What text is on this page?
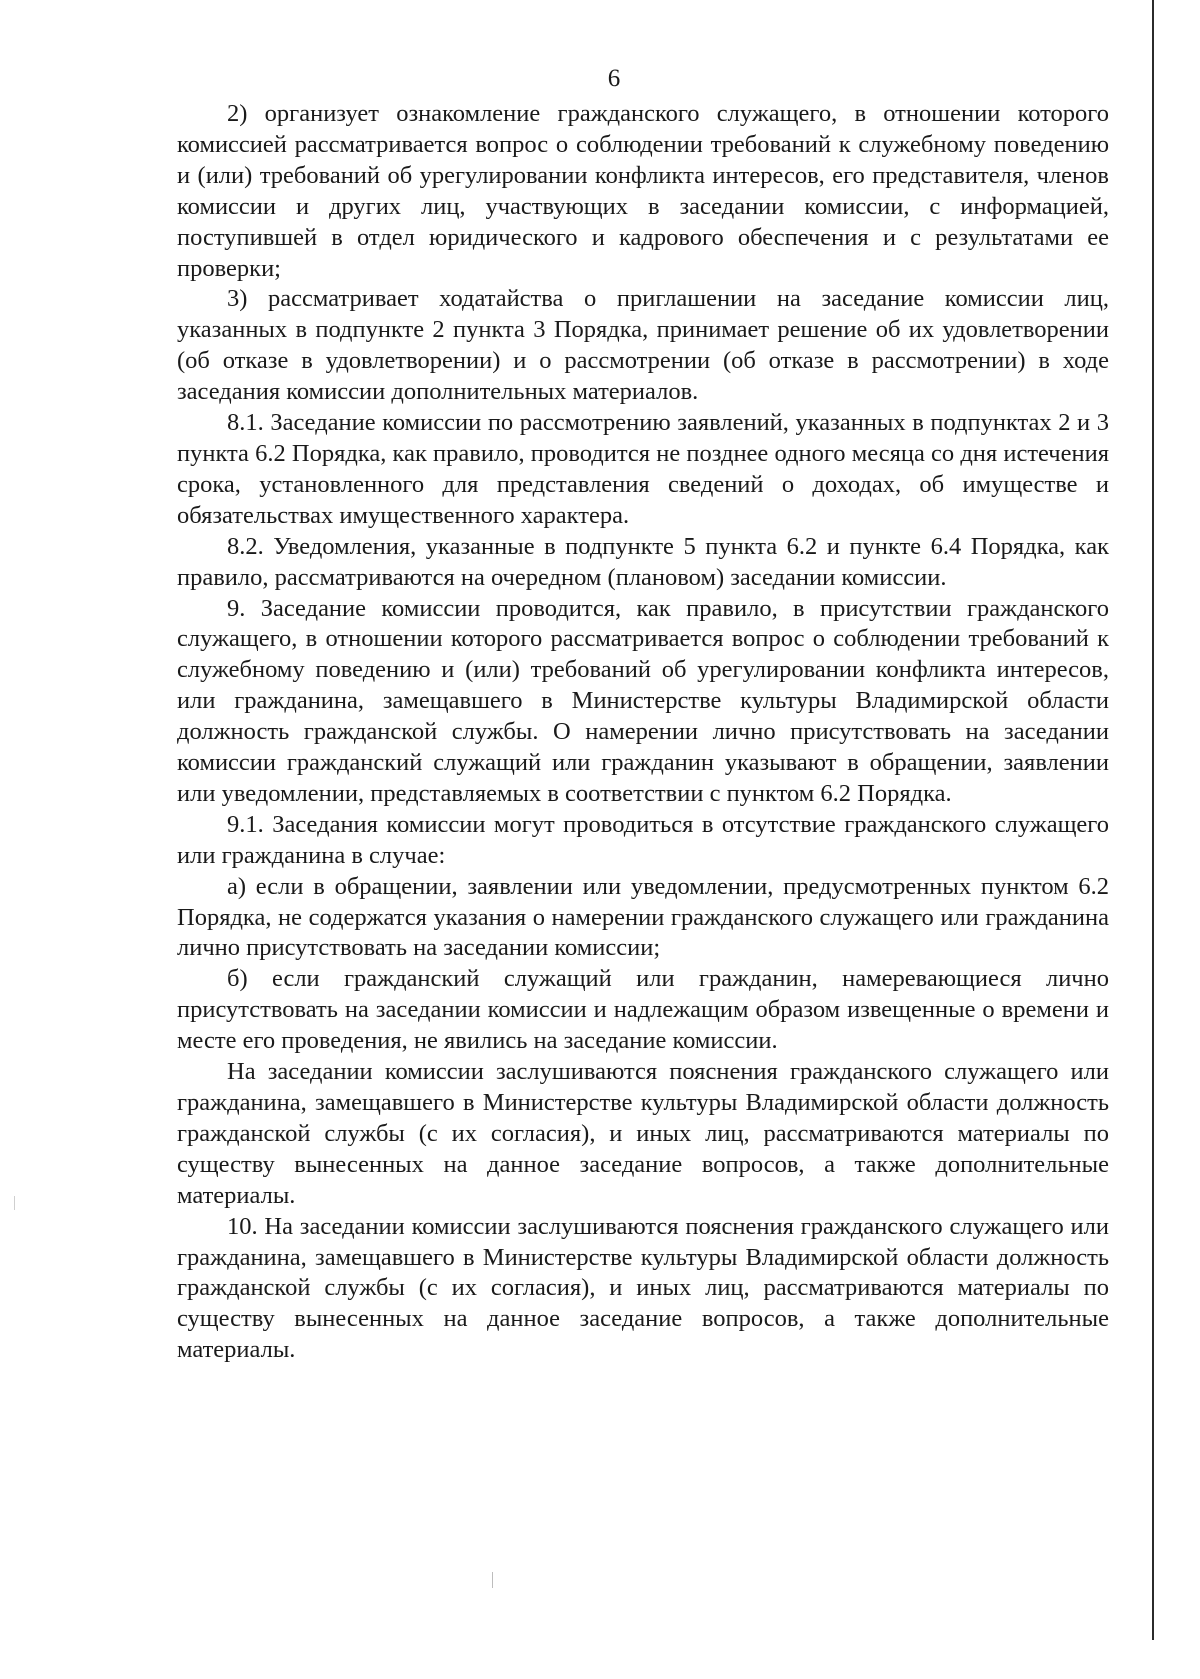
6

2) организует ознакомление гражданского служащего, в отношении которого комиссией рассматривается вопрос о соблюдении требований к служебному поведению и (или) требований об урегулировании конфликта интересов, его представителя, членов комиссии и других лиц, участвующих в заседании комиссии, с информацией, поступившей в отдел юридического и кадрового обеспечения и с результатами ее проверки;

3) рассматривает ходатайства о приглашении на заседание комиссии лиц, указанных в подпункте 2 пункта 3 Порядка, принимает решение об их удовлетворении (об отказе в удовлетворении) и о рассмотрении (об отказе в рассмотрении) в ходе заседания комиссии дополнительных материалов.

8.1. Заседание комиссии по рассмотрению заявлений, указанных в подпунктах 2 и 3 пункта 6.2 Порядка, как правило, проводится не позднее одного месяца со дня истечения срока, установленного для представления сведений о доходах, об имуществе и обязательствах имущественного характера.

8.2. Уведомления, указанные в подпункте 5 пункта 6.2 и пункте 6.4 Порядка, как правило, рассматриваются на очередном (плановом) заседании комиссии.

9. Заседание комиссии проводится, как правило, в присутствии гражданского служащего, в отношении которого рассматривается вопрос о соблюдении требований к служебному поведению и (или) требований об урегулировании конфликта интересов, или гражданина, замещавшего в Министерстве культуры Владимирской области должность гражданской службы. О намерении лично присутствовать на заседании комиссии гражданский служащий или гражданин указывают в обращении, заявлении или уведомлении, представляемых в соответствии с пунктом 6.2 Порядка.

9.1. Заседания комиссии могут проводиться в отсутствие гражданского служащего или гражданина в случае:

а) если в обращении, заявлении или уведомлении, предусмотренных пунктом 6.2 Порядка, не содержатся указания о намерении гражданского служащего или гражданина лично присутствовать на заседании комиссии;

б) если гражданский служащий или гражданин, намеревающиеся лично присутствовать на заседании комиссии и надлежащим образом извещенные о времени и месте его проведения, не явились на заседание комиссии.

На заседании комиссии заслушиваются пояснения гражданского служащего или гражданина, замещавшего в Министерстве культуры Владимирской области должность гражданской службы (с их согласия), и иных лиц, рассматриваются материалы по существу вынесенных на данное заседание вопросов, а также дополнительные материалы.

10. На заседании комиссии заслушиваются пояснения гражданского служащего или гражданина, замещавшего в Министерстве культуры Владимирской области должность гражданской службы (с их согласия), и иных лиц, рассматриваются материалы по существу вынесенных на данное заседание вопросов, а также дополнительные материалы.
